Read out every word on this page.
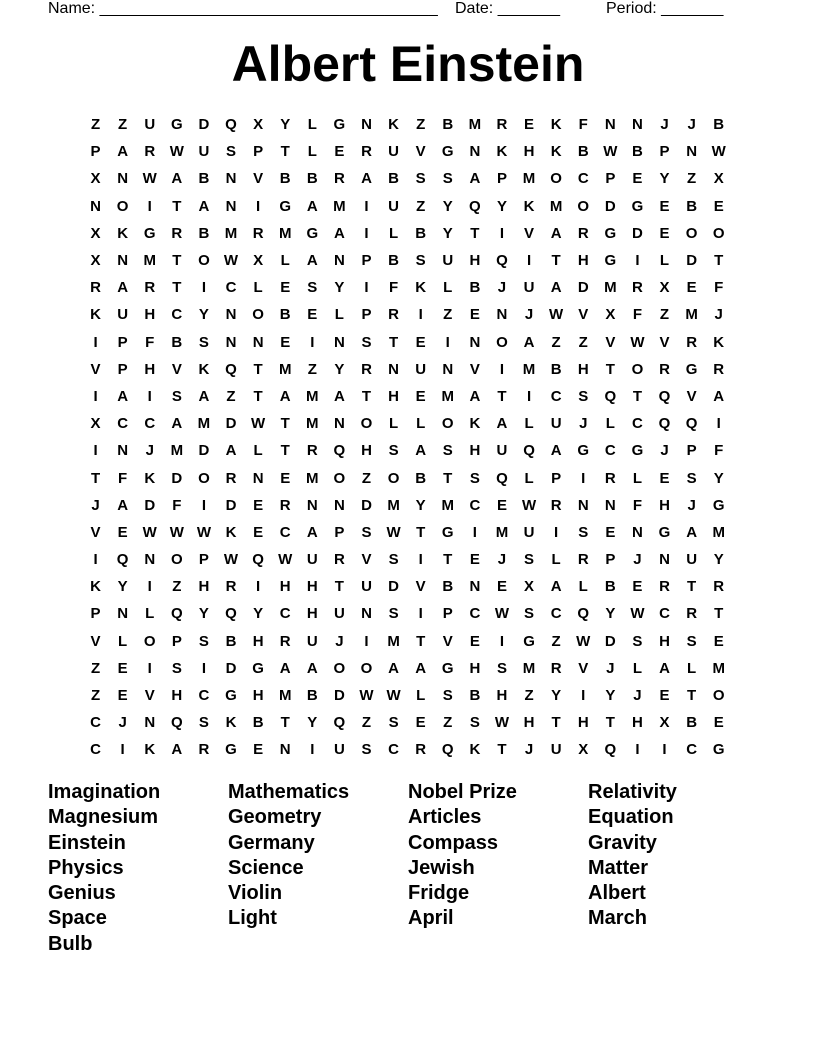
Name: ______________________________________

Date: _______

	Period: _______

Albert Einstein
Z	Z	U	G	D	Q	X	Y	L	G	N	K	Z	B	M	R	E	K	F	N	N	J	J	B
P	A	R W U	S	P	T	L	E	R	U	V	G	N	K	H	K	B W B	P	N W
X	N W A	B	N	V	B	B	R	A	B	S	S	A	P	M	O	C	P	E	Y	Z	X
N	O	I	T	A	N	I	G	A	M	I	U	Z	Y	Q	Y	K	M	O	D	G	E	B	E
X	K	G	R	B	M	R	M	G	A	I	L	B	Y	T	I	V	A	R	G	D	E	O	O
X	N	M	T	O W	X	L	A	N	P	B	S	U	H	Q	I	T	H	G	I	L	D	T
R	A	R	T	I	C	L	E	S	Y	I	F	K	L	B	J	U	A	D	M	R	X	E	F
K	U	H	C	Y	N	O	B	E	L	P	R	I	Z	E	N	J	W	V	X	F	Z	M	J
I	P	F	B	S	N	N	E	I	N	S	T	E	I	N	O	A	Z	Z	V	W	V	R	K
V	P	H	V	K	Q	T	M	Z	Y	R	N	U	N	V	I	M	B	H	T	O	R	G	R
I	A	I	S	A	Z	T	A	M	A	T	H	E	M	A	T	I	C	S	Q	T	Q	V	A
X	C	C	A	M	D W	T	M	N	O	L	L	O	K	A	L	U	J	L	C	Q	Q	I
I	N	J	M	D	A	L	T	R	Q	H	S	A	S	H	U	Q	A	G	C	G	J	P	F
T	F	K	D	O	R	N	E	M	O	Z	O	B	T	S	Q	L	P	I	R	L	E	S	Y
J	A	D	F	I	D	E	R	N	N	D	M	Y	M	C	E	W R	N	N	F	H	J	G
V	E	W W W K	E	C	A	P	S	W	T	G	I	M	U	I	S	E	N	G	A	M
I	Q	N	O	P	W Q W U	R	V	S	I	T	E	J	S	L	R	P	J	N	U	Y
K	Y	I	Z	H	R	I	H	H	T	U	D	V	B	N	E	X	A	L	B	E	R	T	R
P	N	L	Q	Y	Q	Y	C	H	U	N	S	I	P	C W	S	C	Q	Y	W C	R	T
V	L	O	P	S	B	H	R	U	J	I	M	T	V	E	I	G	Z	W D	S	H	S	E
Z	E	I	S	I	D	G	A	A	O	O	A	A	G	H	S	M	R	V	J	L	A	L	M
Z	E	V	H	C	G	H	M	B	D W W	L	S	B	H	Z	Y	I	Y	J	E	T	O
C	J	N	Q	S	K	B	T	Y	Q	Z	S	E	Z	S	W H	T	H	T	H	X	B	E
C	I	K	A	R	G	E	N	I	U	S	C	R	Q	K	T	J	U	X	Q	I	I	C	G
Imagination
Magnesium
Einstein
Physics
Genius
Space
Bulb
Mathematics
Geometry
Germany
Science
Violin
Light
Nobel Prize
Articles
Compass
Jewish
Fridge
April
Relativity
Equation
Gravity
Matter
Albert
March
